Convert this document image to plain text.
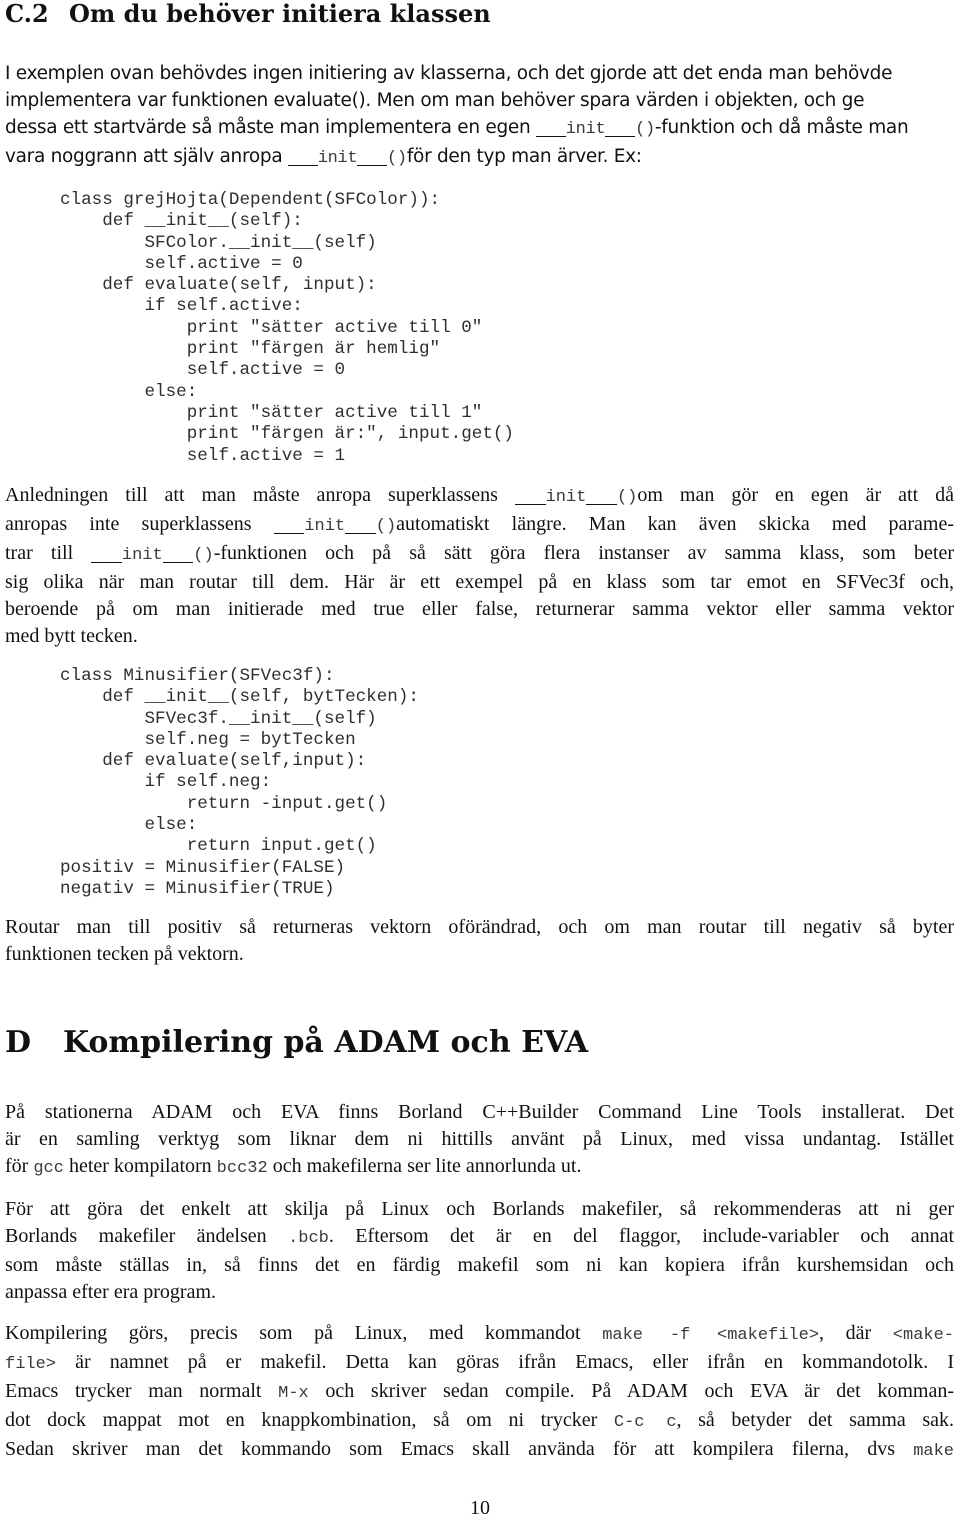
C.2 Om du behöver initiera klassen
I exemplen ovan behövdes ingen initiering av klasserna, och det gjorde att det enda man behövde
implementera var funktionen evaluate(). Men om man behöver spara värden i objekten, och ge
dessa ett startvärde så måste man implementera en egen init ()-funktion och då måste man
vara noggrann att själv anropa init ()för den typ man ärver. Ex:
class grejHojta(Dependent(SFColor)):
def __init__(self):
SFColor.__init__(self)
self.active = 0
def evaluate(self, input):
if self.active:
print "sätter active till 0"
print "färgen är hemlig"
self.active = 0
else:
print "sätter active till 1"
print "färgen är:", input.get()
self.active = 1
Anledningen till att man måste anropa superklassens	init ()om man gör en egen är att då
anropas inte superklassens	init ()automatiskt längre. Man kan även skicka med parame-
trar till	init ()-funktionen och på så sätt göra flera instanser av samma klass, som beter
sig olika när man routar till dem. Här är ett exempel på en klass som tar emot en SFVec3f och,
beroende på om man initierade med true eller false, returnerar samma vektor eller samma vektor
med bytt tecken.
class Minusifier(SFVec3f):
def __init__(self, bytTecken):
SFVec3f.__init__(self)
self.neg = bytTecken
def evaluate(self,input):
if self.neg:
return -input.get()
else:
return input.get()
positiv = Minusifier(FALSE)
negativ = Minusifier(TRUE)
Routar man till positiv så returneras vektorn oförändrad, och om man routar till negativ så byter
funktionen tecken på vektorn.
D Kompilering på ADAM och EVA
På stationerna ADAM och EVA finns Borland C++Builder Command Line Tools installerat. Det
är en samling verktyg som liknar dem ni hittills använt på Linux, med vissa undantag. Istället
för gcc heter kompilatorn bcc32 och makefilerna ser lite annorlunda ut.
För att göra det enkelt att skilja på Linux och Borlands makefiler, så rekommenderas att ni ger
Borlands makefiler ändelsen .bcb. Eftersom det är en del flaggor, include-variabler och annat
som måste ställas in, så finns det en färdig makefil som ni kan kopiera ifrån kurshemsidan och
anpassa efter era program.
Kompilering görs, precis som på Linux, med kommandot make -f <makefile>, där <make-
file> är namnet på er makefil. Detta kan göras ifrån Emacs, eller ifrån en kommandotolk. I
Emacs trycker man normalt M-x och skriver sedan compile. På ADAM och EVA är det komman-
dot dock mappat mot en knappkombination, så om ni trycker C-c c, så betyder det samma sak.
Sedan skriver man det kommando som Emacs skall använda för att kompilera filerna, dvs make
10
